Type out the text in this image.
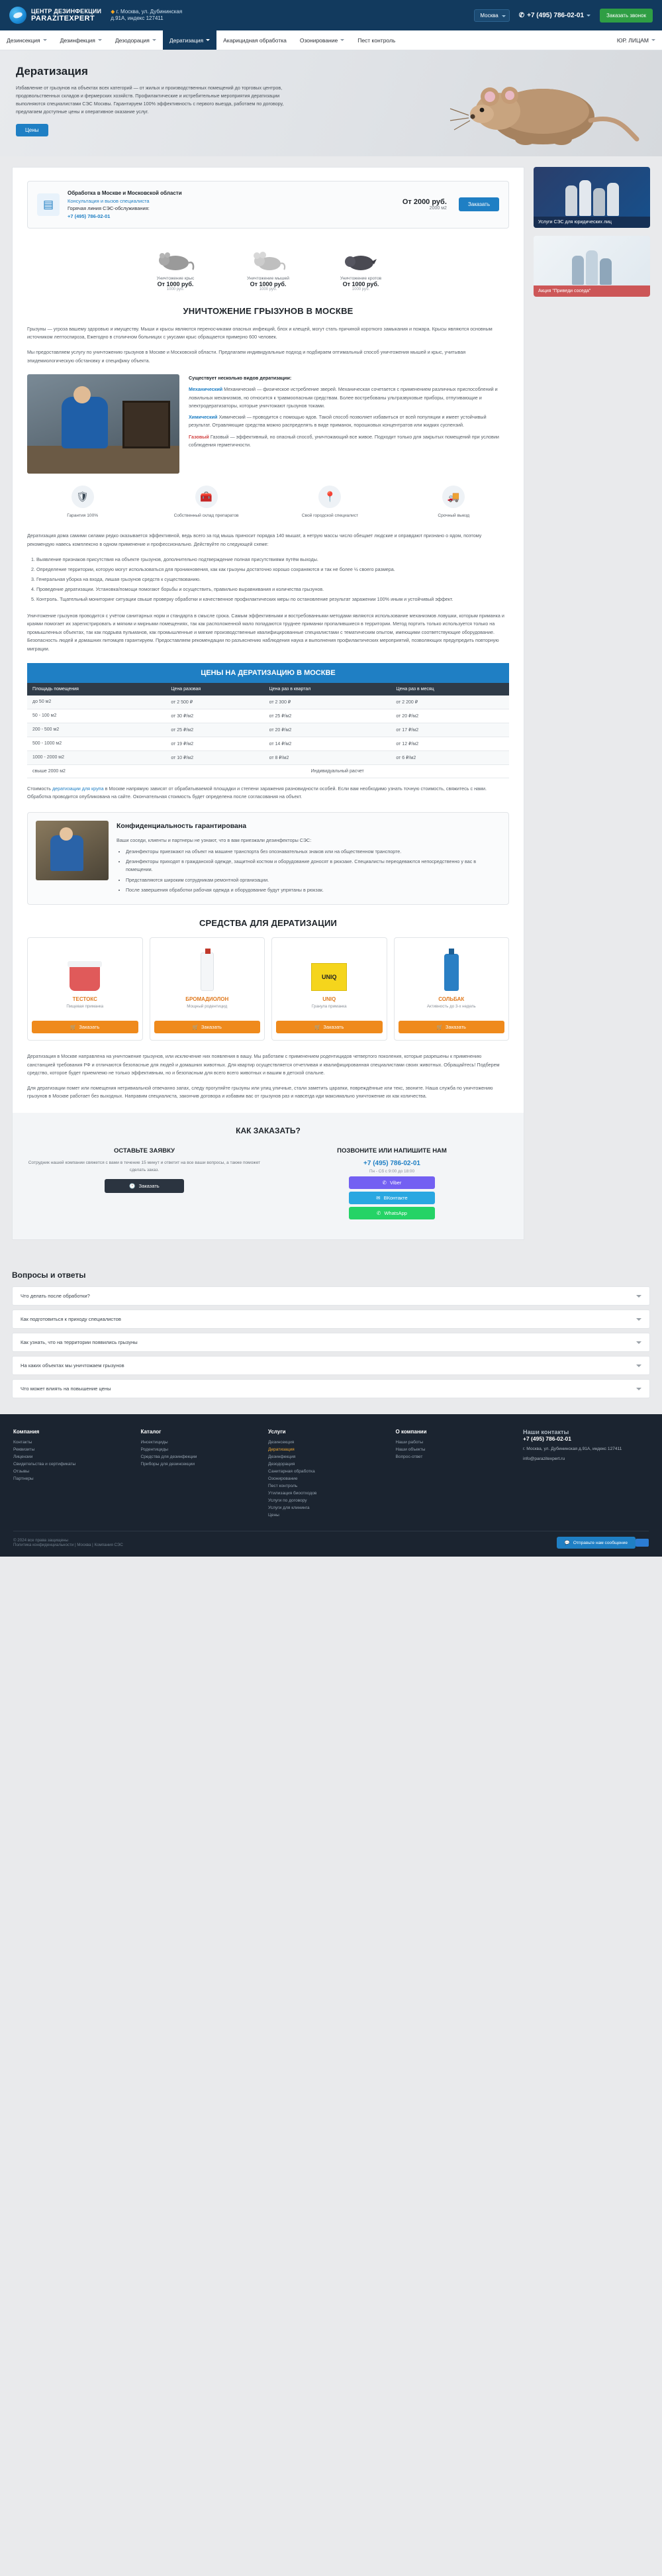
ЦЕНТР ДЕЗИНФЕКЦИИ
PARAZITEXPERT
◆ г. Москва, ул. Дубининская д.91А, индекс 127411	Москва	✆ +7 (495) 786-02-01	Заказать звонок
Дезинсекция	Дезинфекция	Дезодорация	Дератизация	Акарицидная обработка Озонирование	Пест контроль	ЮР. ЛИЦАМ
Дератизация

Избавление от грызунов на объектах всех категорий — от жилых и производственных помещений до торговых центров, продовольственных складов и фермерских хозяйств. Профилактические и истребительные мероприятия дератизации выполняются специалистами СЭС Москвы. Гарантируем 100% эффективность с первого выезда, работаем по договору, предлагаем доступные цены и оперативное оказание услуг.

Цены
▤
Обработка в Москве и Московской области
Консультация и вызов специалиста
Горячая линия СЭС-обслуживания:
+7 (495) 786-02-01
От 2000 руб.
2000 м2
Заказать
Уничтожение крыс
От 1000 руб.
1000 руб.
Уничтожение мышей
От 1000 руб.
1000 руб.
Уничтожение кротов
От 1000 руб.
1000 руб.
УНИЧТОЖЕНИЕ ГРЫЗУНОВ В МОСКВЕ

Грызуны — угроза вашему здоровью и имуществу. Мыши и крысы являются переносчиками опасных инфекций, блох и клещей, могут стать причиной короткого замыкания и пожара. Крысы являются основным источником лептоспироза, Ежегодно в столичном больницах с укусами крыс обращается примерно 600 человек.

Мы предоставляем услугу по уничтожению грызунов в Москве и Московской области. Предлагаем индивидуальные подход и подбираем оптимальный способ уничтожения мышей и крыс, учитывая эпидемиологическую обстановку и специфику объекта.

Существует несколько видов дератизации:

Механический Механический — физическое истребление зверей. Механическая сочетается с применением различных приспособлений и ловильных механизмов, но относится к травмоопасным средствам. Более востребованы ультразвуковые приборы, отпугивающие и электродератизаторы, которые уничтожают грызунов токами.

Химический Химический — проводится с помощью ядов. Такой способ позволяет избавиться от всей популяции и имеет устойчивый результат. Отравляющие средства можно распределять в виде приманок, порошковых концентратов или жидких суспензий.

Газовый Газовый — эффективный, но опасный способ, уничтожающий все живое. Подходит только для закрытых помещений при условии соблюдения герметичности.

🛡
Гарантия 100%
🧰
Собственный склад препаратов
📍
Свой городской специалист
🚚
Срочный выезд

Дератизация дома самими силами редко оказывается эффективной, ведь всего за год мышь приносит порядка 140 мышат, а нетрую массы число обещает людские и оправдают признано о ядом, поэтому рекомендую навесь комплексно в одном применение и профессионально. Действуйте по следующей схеме:

1. Выявление признаков присутствия на объекте грызунов, дополнительно подтверждение полная присутствиями путём выходы.
2. Определение территории, которую могут использоваться для проникновения, как как грызуны достаточно хорошо сохраняются и так не более ½ своего размера.
3. Генеральная уборка на входа, лишая грызунов средств к существованию.
4. Проведение дератизации. Установка/помощи помогают борьбы и осуществить, правильно выравнивания и количества грызунов.
5. Контроль. Тщательный мониторинг ситуации свыше проверку обработки и качественное профилактических меры по остановление результат заражении 100% иным и устойчивый эффект.

Уничтожение грызунов проводится с учётом санитарных норм и стандарта в смысле срока. Самым эффективными и востребованными методами являются использование механизмов ловушки, которым приманка и краями помогает их зарегистрировать и мягким и мирными помещениях, так как расположенной мало попадаются труднее приманки пропалившиеся в территории. Метод портить только используется только на промышленных объектах, так как подрыва пульманов, как промышленные и мягкие производственные квалифицированные специалистами с тематическим опытом, имеющими соответствующие оборудование. Безопасность людей и домашних питомцев гарантируем. Предоставляем рекомендации по разъяснению наблюдения наука и выполнения профилактических мероприятий, позволяющих предупредить повторную миграции.

ЦЕНЫ НА ДЕРАТИЗАЦИЮ В МОСКВЕ
Площадь помещения	Цена разовая	Цена раз в квартал	Цена раз в месяц
до 50 м2	от 2 500 ₽	от 2 300 ₽	от 2 200 ₽
50 - 100 м2	от 30 ₽/м2	от 25 ₽/м2	от 20 ₽/м2
200 - 500 м2	от 25 ₽/м2	от 20 ₽/м2	от 17 ₽/м2
500 - 1000 м2	от 19 ₽/м2	от 14 ₽/м2	от 12 ₽/м2
1000 - 2000 м2	от 10 ₽/м2	от 8 ₽/м2	от 6 ₽/м2
свыше 2000 м2	Индивидуальный расчет		

Стоимость дератизации для крупа в Москве напрямую зависят от обрабатываемой площадки и степени заражения разновидности особей. Если вам необходимо узнать точную стоимость, свяжитесь с нами. Обработка проводится опубликована на сайте. Окончательная стоимость будет определена после согласования на объект.

Конфиденциальность гарантирована
Ваши соседи, клиенты и партнеры не узнают, что в вам приезжали дезинфекторы СЭС:
• Дезинфекторы приезжают на объект на машине транспорта без опознавательных знаков или на общественном транспорте.
• Дезинфекторы приходят в гражданской одежде, защитной костюм и оборудование доносят в рюкзаке. Специалисты переодеваются непосредственно у вас в помещении.
• Представляются широким сотрудникам ремонтной организации.
• После завершения обработки рабочая одежда и оборудование будут упрятаны в рюкзак.
СРЕДСТВА ДЛЯ ДЕРАТИЗАЦИИ
ТЕСТОКС
Пищевая приманка
🛒 Заказать
БРОМАДИОЛОН
Мощный родентицид
🛒 Заказать
UNIQ
UNIQ
Гранула приманка
🛒 Заказать
СОЛЬБАК
Активность до 3-х недель
🛒 Заказать

Дератизация в Москве направлена на уничтожение грызунов, или исключение них появления в вашу. Мы работаем с применением родентицидов четвертого поколения, которые разрешены к применению санстанцией требования РФ и отличаются безопасные для людей и домашних животных. Для квартир осуществляется отчетливая и квалифицированная специалистами своих животных. Обращайтесь! Подберем средство, которое будет приемлемо не только эффективным, но и безопасным для всего всего животных и вашим в детской спальне.

Для дератизации помет или помещения нетривиальной отвечанно запах, следу прогуляйте грызуны или улиц уличные, стали заметить царапки, повреждённые или текс, звоните. Наша служба по уничтожению грызунов в Москве работает без выходных. Направим специалиста, закончив договора и избавим вас от грызунов раз и навсегда иди максимально уничтожение их как количества.

КАК ЗАКАЗАТЬ?
ОСТАВЬТЕ ЗАЯВКУ

Сотрудник нашей компании свяжется с вами в течение 15 минут и ответит на все ваши вопросы, а также поможет сделать заказ.

🕐 Заказать
ПОЗВОНИТЕ ИЛИ НАПИШИТЕ НАМ
+7 (495) 786-02-01
Пн - Сб с 9:00 до 18:00
✆ Viber
✉ ВКонтакте
✆ WhatsApp
Услуги СЭС для юридических лиц
Акция "Приведи соседа"
Вопросы и ответы
Что делать после обработки?
Как подготовиться к приходу специалистов
Как узнать, что на территории появились грызуны
На каких объектах мы уничтожаем грызунов
Что может влиять на повышение цены
Компания
Контакты
Реквизиты
Лицензии
Свидетельства и сертификаты
Отзывы
Партнеры
Каталог
Инсектициды
Родентициды
Средства для дезинфекции
Приборы для дезинсекции
Услуги
Дезинсекция
Дератизация
Дезинфекция
Дезодорация
Санитарная обработка
Озонирование
Пест контроль
Утилизация биоотходов
Услуги по договору
Услуги для клининга
Цены
О компании
Наши работы
Наши объекты
Вопрос-ответ
Наши контакты
+7 (495) 786-02-01
г. Москва, ул. Дубининская д.91А, индекс 127411
info@parazitexpert.ru
© 2024 все права защищены
Политика конфиденциальности | Москва | Компания СЭС	💬 Отправьте нам сообщение
